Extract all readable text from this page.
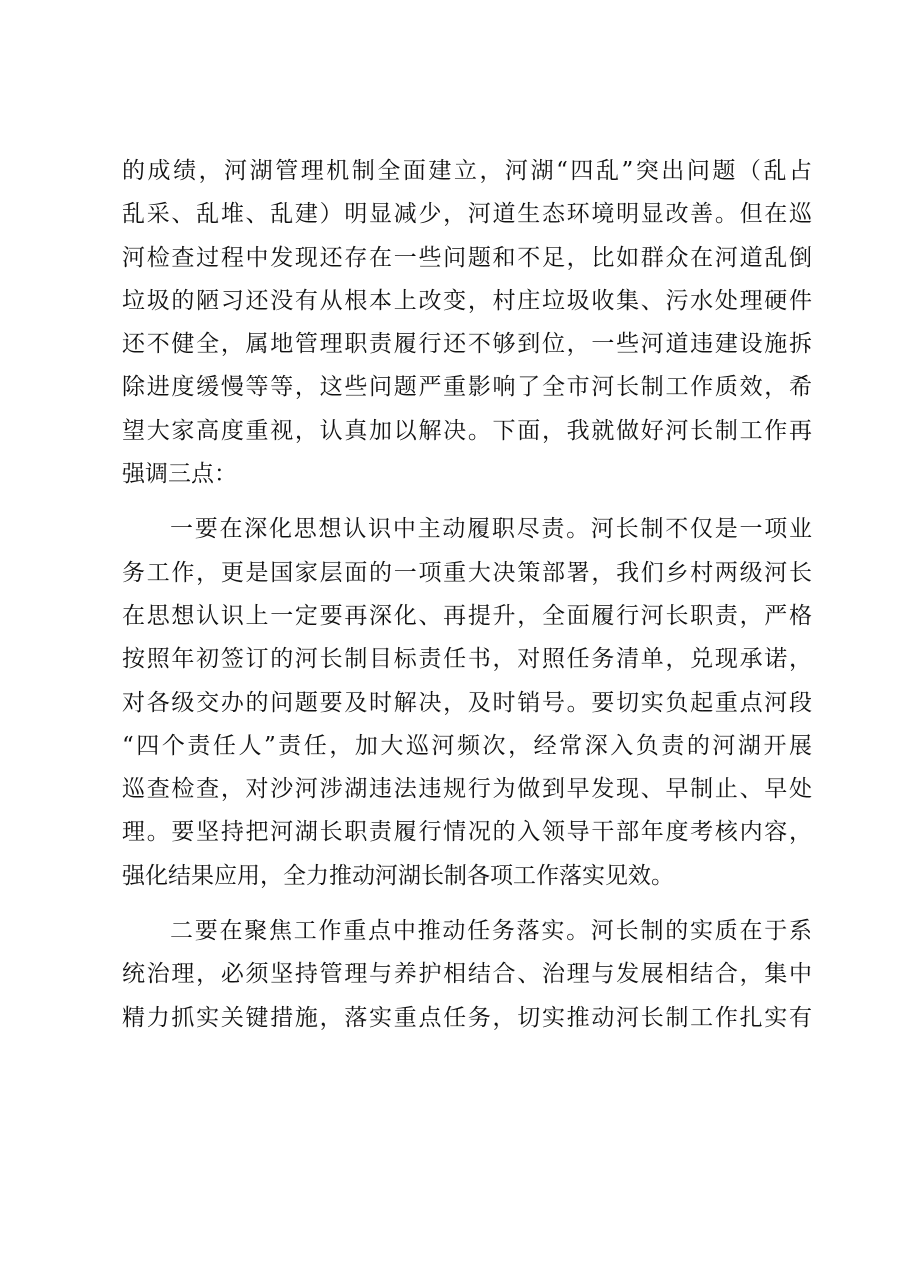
的成绩，河湖管理机制全面建立，河湖“四乱”突出问题（乱占
乱采、乱堆、乱建）明显减少，河道生态环境明显改善。但在巡
河检查过程中发现还存在一些问题和不足，比如群众在河道乱倒
垃圾的陋习还没有从根本上改变，村庄垃圾收集、污水处理硬件
还不健全，属地管理职责履行还不够到位，一些河道违建设施拆
除进度缓慢等等，这些问题严重影响了全市河长制工作质效，希
望大家高度重视，认真加以解决。下面，我就做好河长制工作再
强调三点：
一要在深化思想认识中主动履职尽责。河长制不仅是一项业
务工作，更是国家层面的一项重大决策部署，我们乡村两级河长
在思想认识上一定要再深化、再提升，全面履行河长职责，严格
按照年初签订的河长制目标责任书，对照任务清单，兑现承诺，
对各级交办的问题要及时解决，及时销号。要切实负起重点河段
“四个责任人”责任，加大巡河频次，经常深入负责的河湖开展
巡查检查，对沙河涉湖违法违规行为做到早发现、早制止、早处
理。要坚持把河湖长职责履行情况的入领导干部年度考核内容，
强化结果应用，全力推动河湖长制各项工作落实见效。
二要在聚焦工作重点中推动任务落实。河长制的实质在于系
统治理，必须坚持管理与养护相结合、治理与发展相结合，集中
精力抓实关键措施，落实重点任务，切实推动河长制工作扎实有
